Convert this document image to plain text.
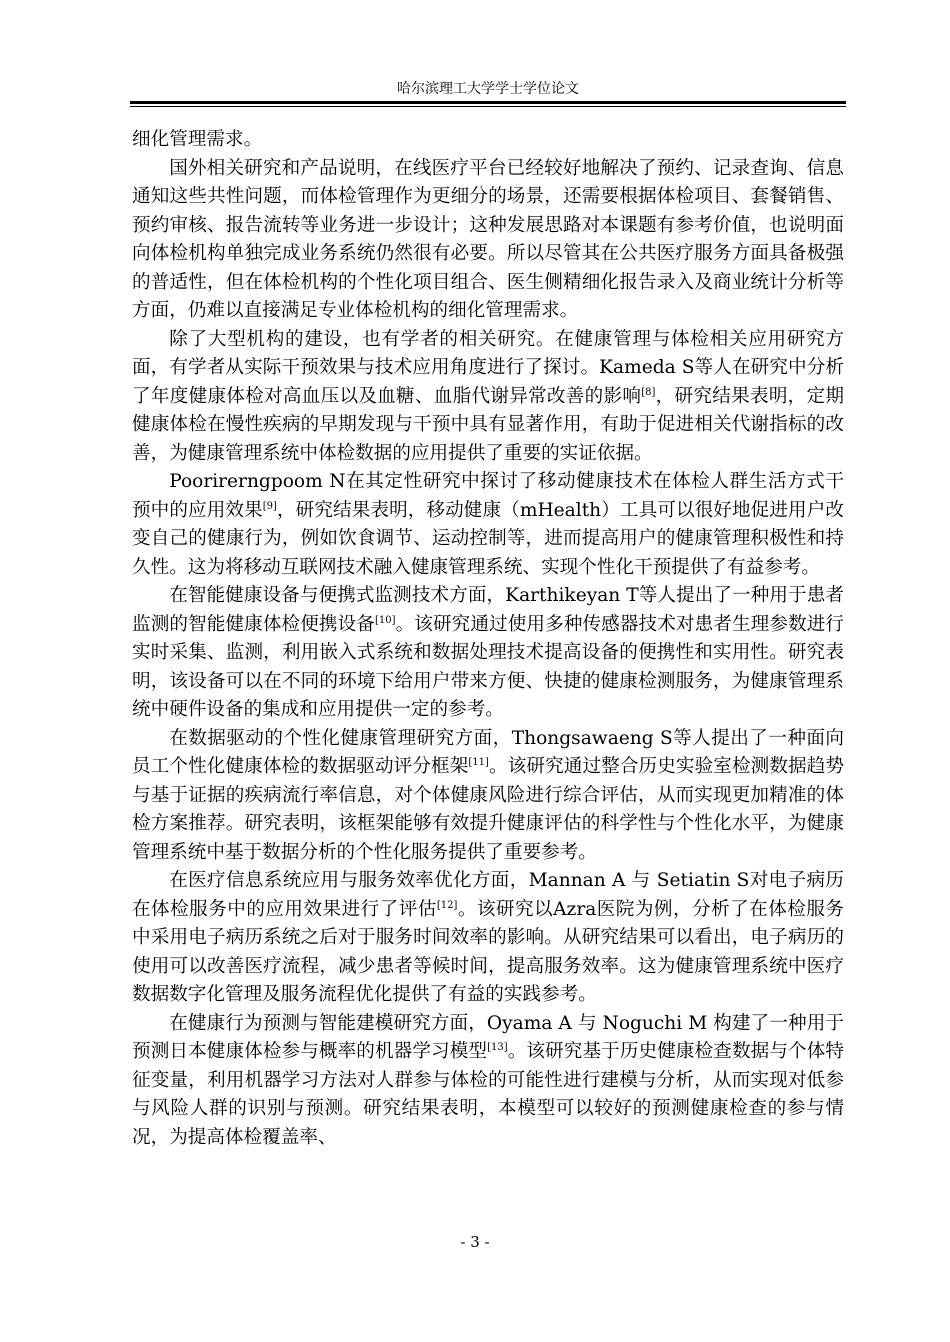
哈尔滨理工大学学士学位论文

细化管理需求。

国外相关研究和产品说明，在线医疗平台已经较好地解决了预约、记录查询、信息通知这些共性问题，而体检管理作为更细分的场景，还需要根据体检项目、套餐销售、预约审核、报告流转等业务进一步设计；这种发展思路对本课题有参考价值，也说明面向体检机构单独完成业务系统仍然很有必要。所以尽管其在公共医疗服务方面具备极强的普适性，但在体检机构的个性化项目组合、医生侧精细化报告录入及商业统计分析等方面，仍难以直接满足专业体检机构的细化管理需求。

除了大型机构的建设，也有学者的相关研究。在健康管理与体检相关应用研究方面，有学者从实际干预效果与技术应用角度进行了探讨。Kameda S等人在研究中分析了年度健康体检对高血压以及血糖、血脂代谢异常改善的影响[8]，研究结果表明，定期健康体检在慢性疾病的早期发现与干预中具有显著作用，有助于促进相关代谢指标的改善，为健康管理系统中体检数据的应用提供了重要的实证依据。

Poorirerngpoom N在其定性研究中探讨了移动健康技术在体检人群生活方式干预中的应用效果[9]，研究结果表明，移动健康（mHealth）工具可以很好地促进用户改变自己的健康行为，例如饮食调节、运动控制等，进而提高用户的健康管理积极性和持久性。这为将移动互联网技术融入健康管理系统、实现个性化干预提供了有益参考。

在智能健康设备与便携式监测技术方面，Karthikeyan T等人提出了一种用于患者监测的智能健康体检便携设备[10]。该研究通过使用多种传感器技术对患者生理参数进行实时采集、监测，利用嵌入式系统和数据处理技术提高设备的便携性和实用性。研究表明，该设备可以在不同的环境下给用户带来方便、快捷的健康检测服务，为健康管理系统中硬件设备的集成和应用提供一定的参考。

在数据驱动的个性化健康管理研究方面，Thongsawaeng S等人提出了一种面向员工个性化健康体检的数据驱动评分框架[11]。该研究通过整合历史实验室检测数据趋势与基于证据的疾病流行率信息，对个体健康风险进行综合评估，从而实现更加精准的体检方案推荐。研究表明，该框架能够有效提升健康评估的科学性与个性化水平，为健康管理系统中基于数据分析的个性化服务提供了重要参考。

在医疗信息系统应用与服务效率优化方面，Mannan A 与 Setiatin S对电子病历在体检服务中的应用效果进行了评估[12]。该研究以Azra医院为例，分析了在体检服务中采用电子病历系统之后对于服务时间效率的影响。从研究结果可以看出，电子病历的使用可以改善医疗流程，减少患者等候时间，提高服务效率。这为健康管理系统中医疗数据数字化管理及服务流程优化提供了有益的实践参考。

在健康行为预测与智能建模研究方面，Oyama A 与 Noguchi M 构建了一种用于预测日本健康体检参与概率的机器学习模型[13]。该研究基于历史健康检查数据与个体特征变量，利用机器学习方法对人群参与体检的可能性进行建模与分析，从而实现对低参与风险人群的识别与预测。研究结果表明，本模型可以较好的预测健康检查的参与情况，为提高体检覆盖率、

- 3 -
